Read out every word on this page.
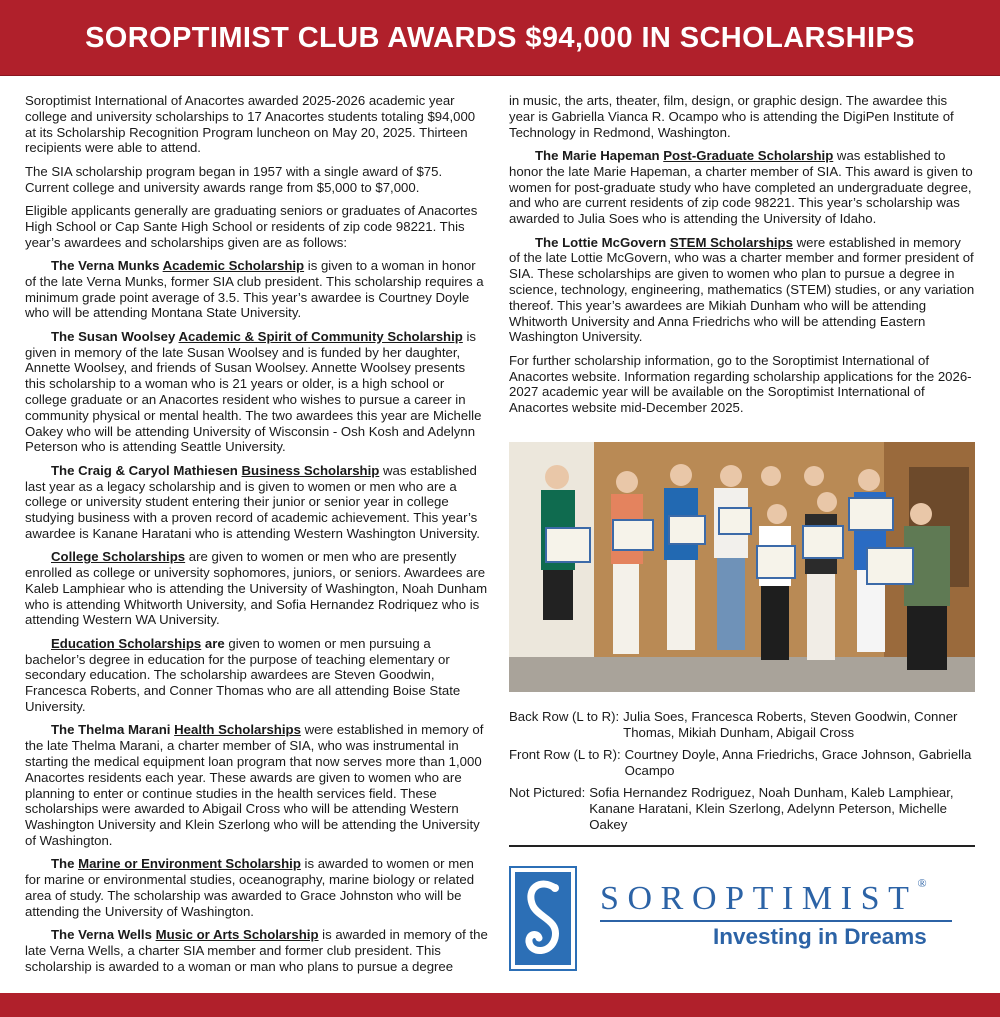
SOROPTIMIST CLUB AWARDS $94,000 IN SCHOLARSHIPS

Soroptimist International of Anacortes awarded 2025-2026 academic year college and university scholarships to 17 Anacortes students totaling $94,000 at its Scholarship Recognition Program luncheon on May 20, 2025. Thirteen recipients were able to attend.

The SIA scholarship program began in 1957 with a single award of $75. Current college and university awards range from $5,000 to $7,000.

Eligible applicants generally are graduating seniors or graduates of Anacortes High School or Cap Sante High School or residents of zip code 98221. This year’s awardees and scholarships given are as follows:

The Verna Munks Academic Scholarship is given to a woman in honor of the late Verna Munks, former SIA club president. This scholarship requires a minimum grade point average of 3.5. This year’s awardee is Courtney Doyle who will be attending Montana State University.

The Susan Woolsey Academic & Spirit of Community Scholarship is given in memory of the late Susan Woolsey and is funded by her daughter, Annette Woolsey, and friends of Susan Woolsey. Annette Woolsey presents this scholarship to a woman who is 21 years or older, is a high school or college graduate or an Anacortes resident who wishes to pursue a career in community physical or mental health. The two awardees this year are Michelle Oakey who will be attending University of Wisconsin - Osh Kosh and Adelynn Peterson who is attending Seattle University.

The Craig & Caryol Mathiesen Business Scholarship was established last year as a legacy scholarship and is given to women or men who are a college or university student entering their junior or senior year in college studying business with a proven record of academic achievement. This year’s awardee is Kanane Haratani who is attending Western Washington University.

College Scholarships are given to women or men who are presently enrolled as college or university sophomores, juniors, or seniors. Awardees are Kaleb Lamphiear who is attending the University of Washington, Noah Dunham who is attending Whitworth University, and Sofia Hernandez Rodriquez who is attending Western WA University.

Education Scholarships are given to women or men pursuing a bachelor’s degree in education for the purpose of teaching elementary or secondary education. The scholarship awardees are Steven Goodwin, Francesca Roberts, and Conner Thomas who are all attending Boise State University.

The Thelma Marani Health Scholarships were established in memory of the late Thelma Marani, a charter member of SIA, who was instrumental in starting the medical equipment loan program that now serves more than 1,000 Anacortes residents each year. These awards are given to women who are planning to enter or continue studies in the health services field. These scholarships were awarded to Abigail Cross who will be attending Western Washington University and Klein Szerlong who will be attending the University of Washington.

The Marine or Environment Scholarship is awarded to women or men for marine or environmental studies, oceanography, marine biology or related area of study. The scholarship was awarded to Grace Johnston who will be attending the University of Washington.

The Verna Wells Music or Arts Scholarship is awarded in memory of the late Verna Wells, a charter SIA member and former club president. This scholarship is awarded to a woman or man who plans to pursue a degree

in music, the arts, theater, film, design, or graphic design. The awardee this year is Gabriella Vianca R. Ocampo who is attending the DigiPen Institute of Technology in Redmond, Washington.

The Marie Hapeman Post-Graduate Scholarship was established to honor the late Marie Hapeman, a charter member of SIA. This award is given to women for post-graduate study who have completed an undergraduate degree, and who are current residents of zip code 98221. This year’s scholarship was awarded to Julia Soes who is attending the University of Idaho.

The Lottie McGovern STEM Scholarships were established in memory of the late Lottie McGovern, who was a charter member and former president of SIA. These scholarships are given to women who plan to pursue a degree in science, technology, engineering, mathematics (STEM) studies, or any variation thereof. This year’s awardees are Mikiah Dunham who will be attending Whitworth University and Anna Friedrichs who will be attending Eastern Washington University.

For further scholarship information, go to the Soroptimist International of Anacortes website. Information regarding scholarship applications for the 2026-2027 academic year will be available on the Soroptimist International of Anacortes website mid-December 2025.

Back Row (L to R): Julia Soes, Francesca Roberts, Steven Goodwin, Conner Thomas, Mikiah Dunham, Abigail Cross
Front Row (L to R): Courtney Doyle, Anna Friedrichs, Grace Johnson, Gabriella Ocampo
Not Pictured: Sofia Hernandez Rodriguez, Noah Dunham, Kaleb Lamphiear, Kanane Haratani, Klein Szerlong, Adelynn Peterson, Michelle Oakey
SOROPTIMIST®
Investing in Dreams
